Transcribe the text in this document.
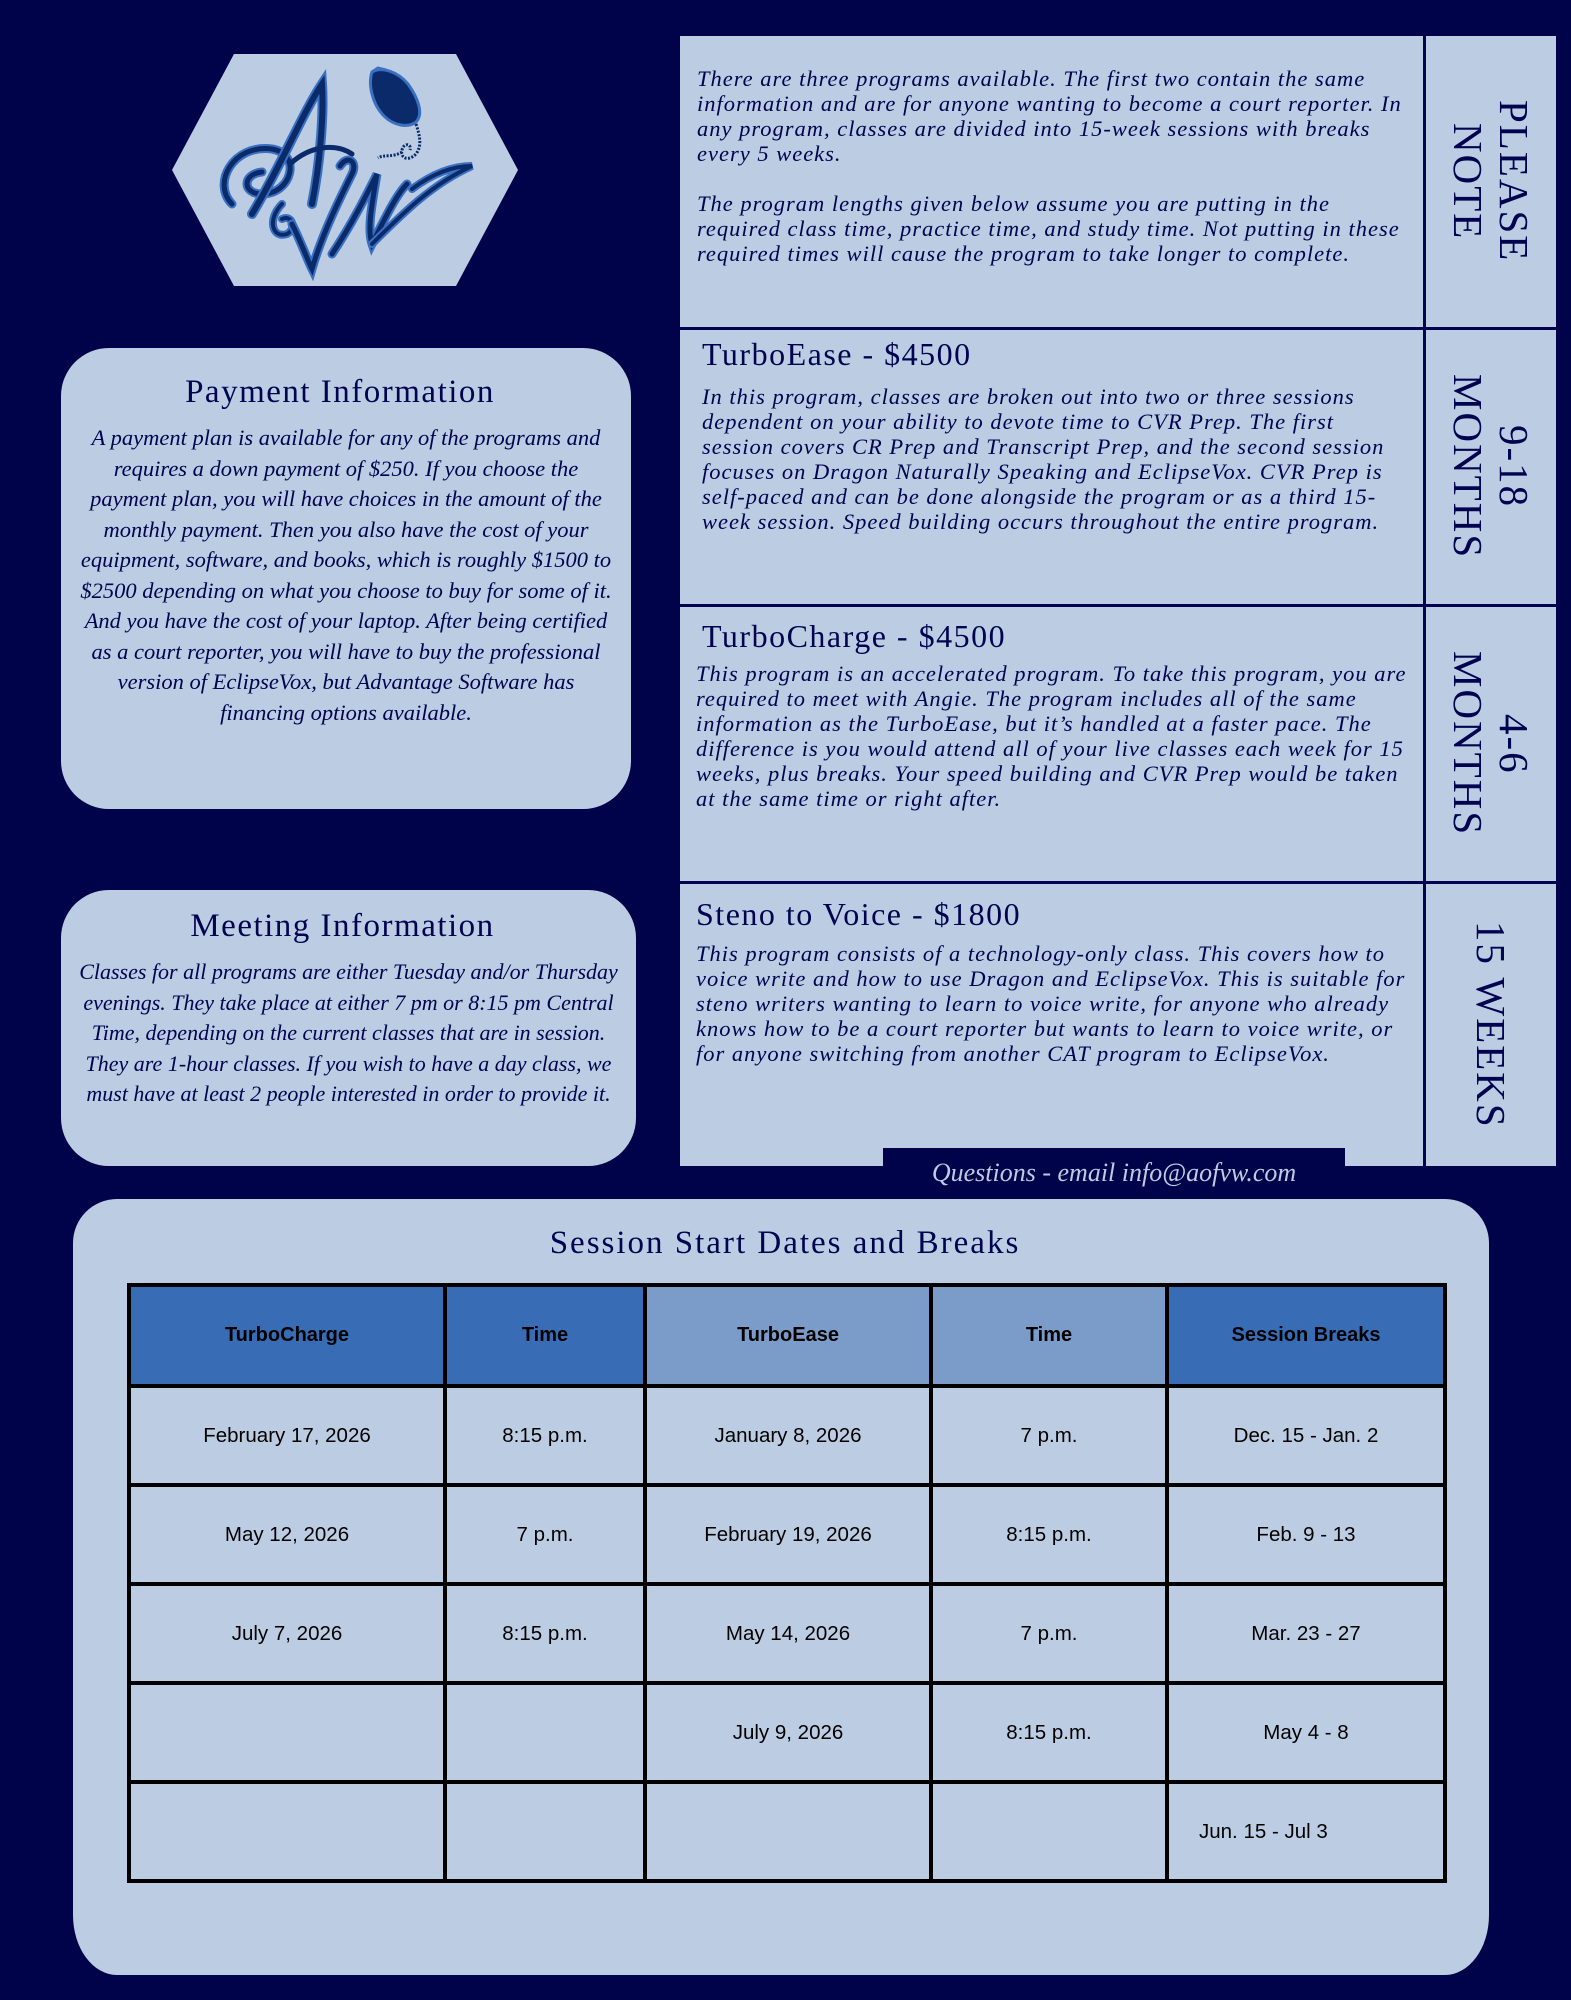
Payment Information

A payment plan is available for any of the programs and requires a down payment of $250. If you choose the payment plan, you will have choices in the amount of the monthly payment. Then you also have the cost of your equipment, software, and books, which is roughly $1500 to $2500 depending on what you choose to buy for some of it. And you have the cost of your laptop. After being certified as a court reporter, you will have to buy the professional version of EclipseVox, but Advantage Software has financing options available.

Meeting Information

Classes for all programs are either Tuesday and/or Thursday evenings. They take place at either 7 pm or 8:15 pm Central Time, depending on the current classes that are in session. They are 1-hour classes. If you wish to have a day class, we must have at least 2 people interested in order to provide it.

There are three programs available. The first two contain the same information and are for anyone wanting to become a court reporter. In any program, classes are divided into 15-week sessions with breaks every 5 weeks.

The program lengths given below assume you are putting in the required class time, practice time, and study time. Not putting in these required times will cause the program to take longer to complete.	PLEASE
NOTE
TurboEase - $4500

In this program, classes are broken out into two or three sessions dependent on your ability to devote time to CVR Prep. The first session covers CR Prep and Transcript Prep, and the second session focuses on Dragon Naturally Speaking and EclipseVox. CVR Prep is self-paced and can be done alongside the program or as a third 15-week session. Speed building occurs throughout the entire program.

9-18
MONTHS
TurboCharge - $4500

This program is an accelerated program. To take this program, you are required to meet with Angie. The program includes all of the same information as the TurboEase, but it’s handled at a faster pace. The difference is you would attend all of your live classes each week for 15 weeks, plus breaks. Your speed building and CVR Prep would be taken at the same time or right after.

4-6
MONTHS
Steno to Voice - $1800

This program consists of a technology-only class. This covers how to voice write and how to use Dragon and EclipseVox. This is suitable for steno writers wanting to learn to voice write, for anyone who already knows how to be a court reporter but wants to learn to voice write, or for anyone switching from another CAT program to EclipseVox.	15 WEEKS
Questions - email info@aofvw.com
Session Start Dates and Breaks
TurboCharge	Time	TurboEase	Time	Session Breaks
February 17, 2026	8:15 p.m.	January 8, 2026	7 p.m.	Dec. 15 - Jan. 2
May 12, 2026	7 p.m.	February 19, 2026	8:15 p.m.	Feb. 9 - 13
July 7, 2026	8:15 p.m.	May 14, 2026	7 p.m.	Mar. 23 - 27
		July 9, 2026	8:15 p.m.	May 4 - 8
				Jun. 15 - Jul 3
